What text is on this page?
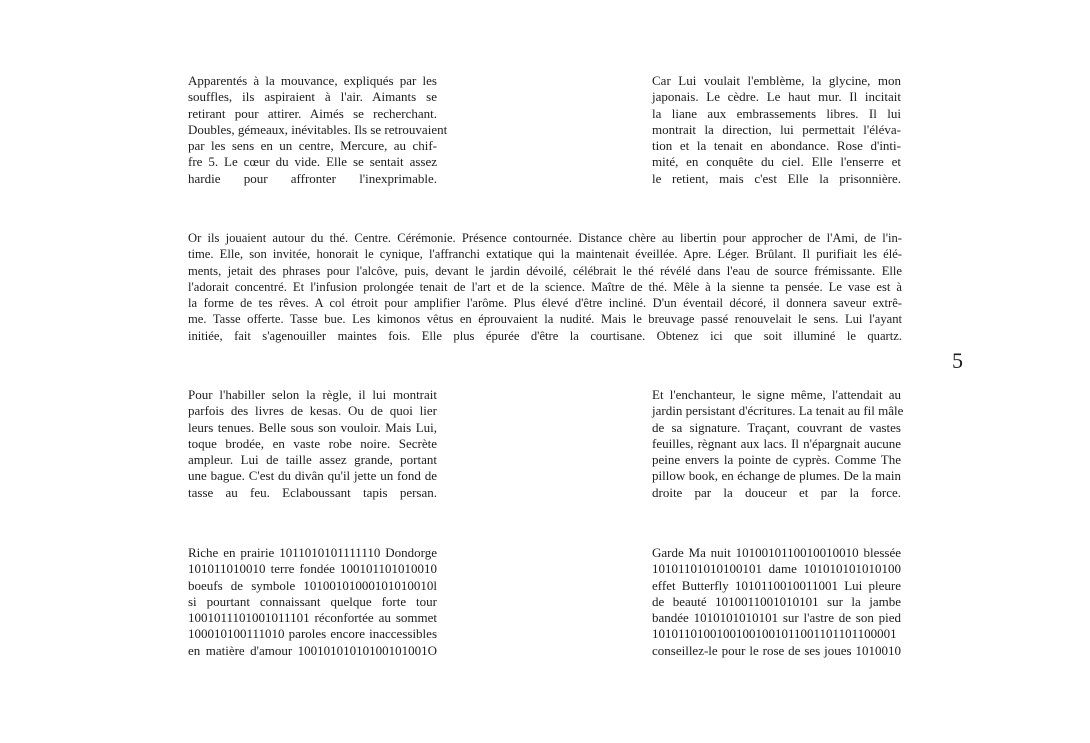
Apparentés à la mouvance, expliqués par les
souffles, ils aspiraient à l'air. Aimants se
retirant pour attirer. Aimés se recherchant.
Doubles, gémeaux, inévitables. Ils se retrouvaient
par les sens en un centre, Mercure, au chif-
fre 5. Le cœur du vide. Elle se sentait assez
hardie pour affronter l'inexprimable.
Car Lui voulait l'emblème, la glycine, mon
japonais. Le cèdre. Le haut mur. Il incitait
la liane aux embrassements libres. Il lui
montrait la direction, lui permettait l'éléva-
tion et la tenait en abondance. Rose d'inti-
mité, en conquête du ciel. Elle l'enserre et
le retient, mais c'est Elle la prisonnière.
Or ils jouaient autour du thé. Centre. Cérémonie. Présence contournée. Distance chère au libertin pour approcher de l'Ami, de l'in-
time. Elle, son invitée, honorait le cynique, l'affranchi extatique qui la maintenait éveillée. Apre. Léger. Brûlant. Il purifiait les élé-
ments, jetait des phrases pour l'alcôve, puis, devant le jardin dévoilé, célébrait le thé révélé dans l'eau de source frémissante. Elle
l'adorait concentré. Et l'infusion prolongée tenait de l'art et de la science. Maître de thé. Mêle à la sienne ta pensée. Le vase est à
la forme de tes rêves. A col étroit pour amplifier l'arôme. Plus élevé d'être incliné. D'un éventail décoré, il donnera saveur extrê-
me. Tasse offerte. Tasse bue. Les kimonos vêtus en éprouvaient la nudité. Mais le breuvage passé renouvelait le sens. Lui l'ayant
initiée, fait s'agenouiller maintes fois. Elle plus épurée d'être la courtisane. Obtenez ici que soit illuminé le quartz.
5
Pour l'habiller selon la règle, il lui montrait
parfois des livres de kesas. Ou de quoi lier
leurs tenues. Belle sous son vouloir. Mais Lui,
toque brodée, en vaste robe noire. Secrète
ampleur. Lui de taille assez grande, portant
une bague. C'est du divân qu'il jette un fond de
tasse au feu. Eclaboussant tapis persan.
Et l'enchanteur, le signe même, l'attendait au
jardin persistant d'écritures. La tenait au fil mâle
de sa signature. Traçant, couvrant de vastes
feuilles, règnant aux lacs. Il n'épargnait aucune
peine envers la pointe de cyprès. Comme The
pillow book, en échange de plumes. De la main
droite par la douceur et par la force.
Riche en prairie 1011010101111110 Dondorge
101011010010 terre fondée 100101101010010
boeufs de symbole 10100101000101010010l
si pourtant connaissant quelque forte tour
1001011101001011101 réconfortée au sommet
100010100111010 paroles encore inaccessibles
en matière d'amour 10010101010100101001O
Garde Ma nuit 1010010110010010010 blessée
10101101010100101 dame 101010101010100
effet Butterfly 1010110010011001 Lui pleure
de beauté 1010011001010101 sur la jambe
bandée 1010101010101 sur l'astre de son pied
10101101001001001001011001101101100001
conseillez-le pour le rose de ses joues 1010010
